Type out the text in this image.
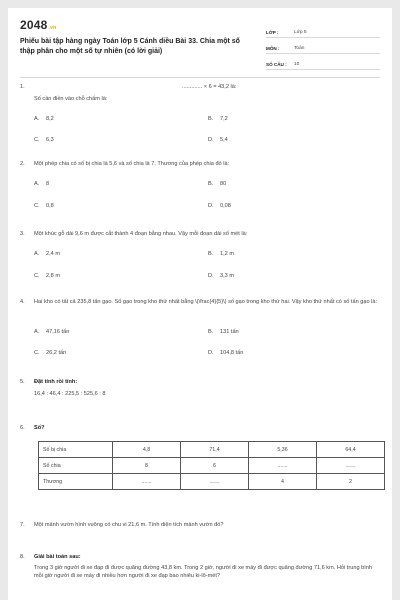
2048.vn
Phiếu bài tập hàng ngày Toán lớp 5 Cánh diều Bài 33. Chia một số thập phân cho một số tự nhiên (có lời giải)
LỚP :	Lớp 5
MÔN :	Toán
SỐ CÂU :	10
1.	............. × 6 = 43,2 là:
Số cần điền vào chỗ chấm là:
A. 8,2	B. 7,2
C. 6,3	D. 5,4
2.	Một phép chia có số bị chia là 5,6 và số chia là 7. Thương của phép chia đó là:
A. 8	B. 80
C. 0,8	D. 0,08
3.	Một khúc gỗ dài 9,6 m được cắt thành 4 đoạn bằng nhau. Vậy mỗi đoạn dài số mét là:
A. 2,4 m	B. 1,2 m
C. 2,8 m	D. 3,3 m
4.	Hai kho có tất cả 235,8 tấn gạo. Số gạo trong kho thứ nhất bằng \(\frac{4}{5}\) số gạo trong kho thứ hai. Vậy kho thứ nhất có số tấn gạo là:
A. 47,16 tấn	B. 131 tấn
C. 26,2 tấn	D. 104,8 tấn
5.	Đặt tính rồi tính:
16,4 : 46,4 : 225,5 : 525,6 : 8
6.	Số?
Số bị chia	4,8	71,4	5,36	64,4
Số chia	8	6	.......	.......
Thương	.......	.......	4	2
7.	Một mảnh vườn hình vuông có chu vi 21,6 m. Tính diện tích mảnh vườn đó?
8.	Giải bài toán sau:
Trong 3 giờ người đi xe đạp đi được quãng đường 43,8 km. Trong 2 giờ, người đi xe máy đi được quãng đường 71,6 km. Hỏi trung bình mỗi giờ người đi xe máy đi nhiều hơn người đi xe đạp bao nhiêu ki-lô-mét?
